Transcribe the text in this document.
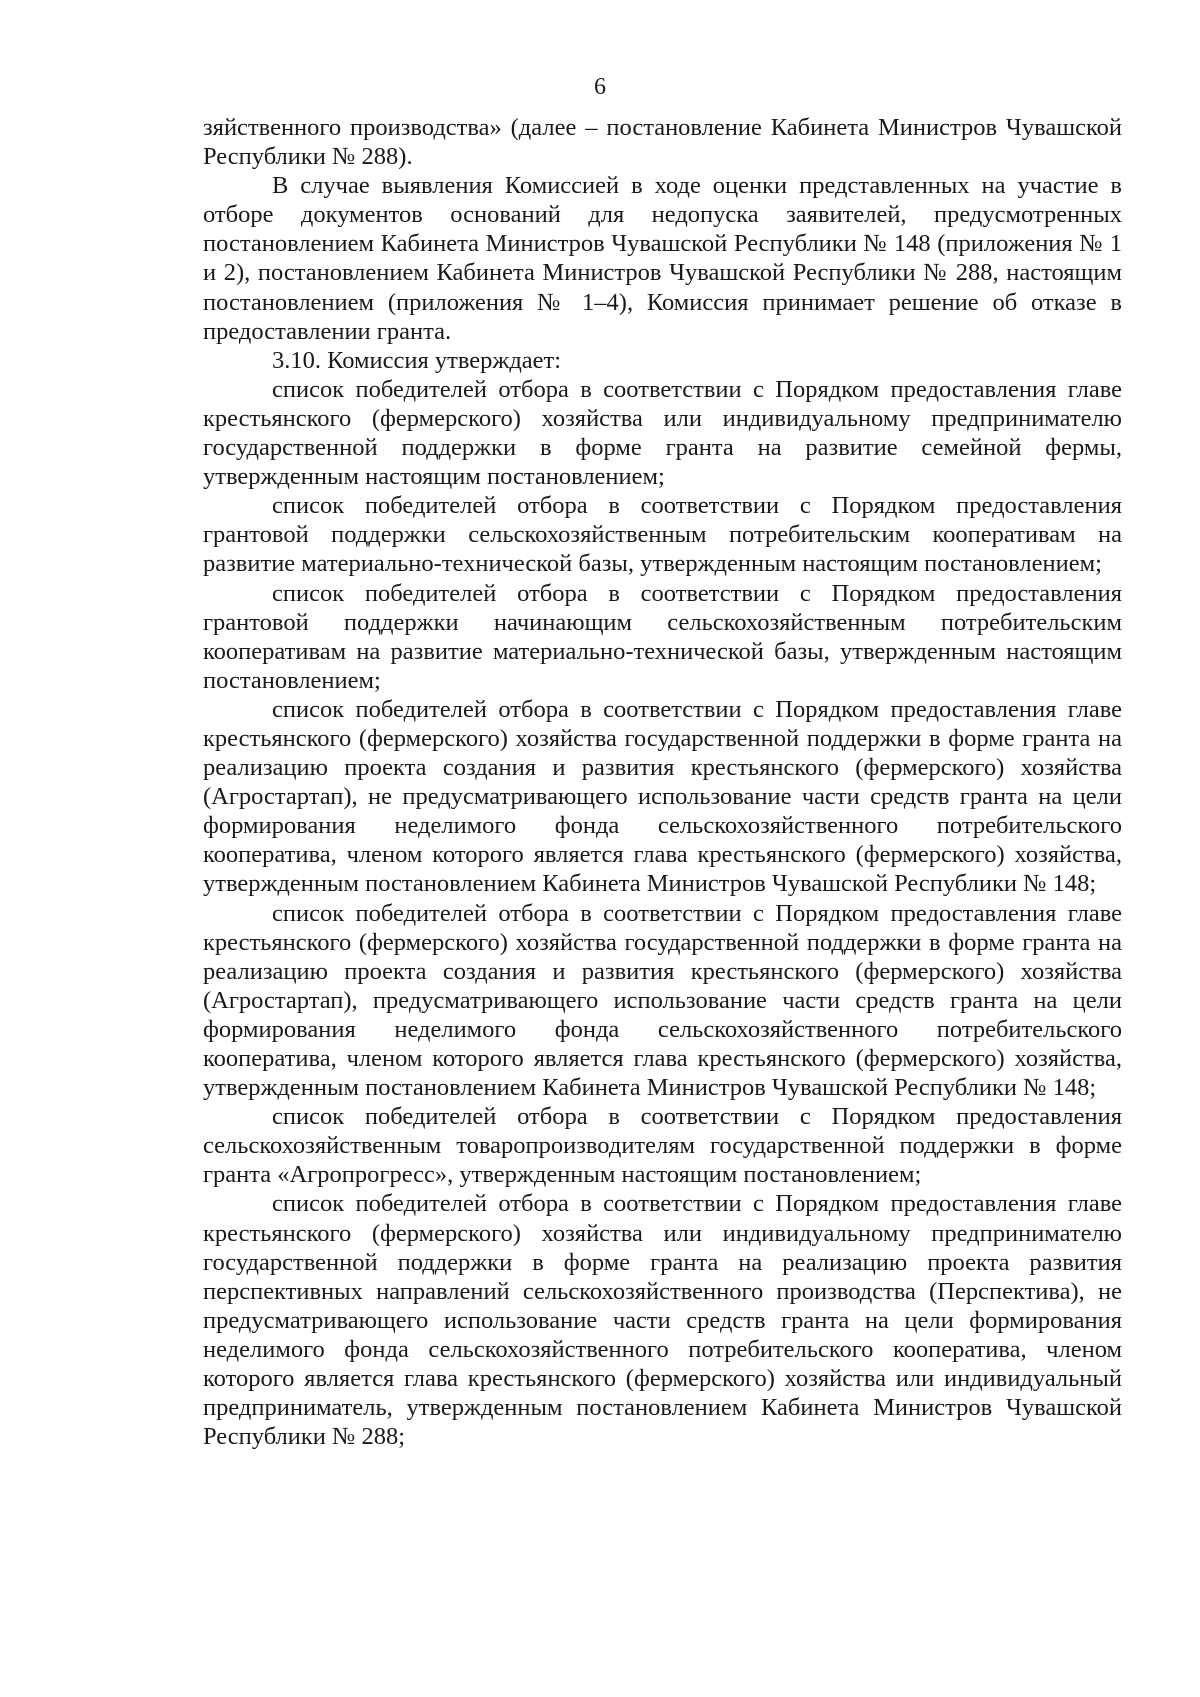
6

зяйственного производства» (далее – постановление Кабинета Министров Чувашской Республики № 288).

В случае выявления Комиссией в ходе оценки представленных на участие в отборе документов оснований для недопуска заявителей, предусмотренных постановлением Кабинета Министров Чувашской Республики № 148 (приложения № 1 и 2), постановлением Кабинета Министров Чувашской Республики № 288, настоящим постановлением (приложения № 1–4), Комиссия принимает решение об отказе в предоставлении гранта.

3.10. Комиссия утверждает:

список победителей отбора в соответствии с Порядком предоставления главе крестьянского (фермерского) хозяйства или индивидуальному предпринимателю государственной поддержки в форме гранта на развитие семейной фермы, утвержденным настоящим постановлением;

список победителей отбора в соответствии с Порядком предоставления грантовой поддержки сельскохозяйственным потребительским кооперативам на развитие материально-технической базы, утвержденным настоящим постановлением;

список победителей отбора в соответствии с Порядком предоставления грантовой поддержки начинающим сельскохозяйственным потребительским кооперативам на развитие материально-технической базы, утвержденным настоящим постановлением;

список победителей отбора в соответствии с Порядком предоставления главе крестьянского (фермерского) хозяйства государственной поддержки в форме гранта на реализацию проекта создания и развития крестьянского (фермерского) хозяйства (Агростартап), не предусматривающего использование части средств гранта на цели формирования неделимого фонда сельскохозяйственного потребительского кооператива, членом которого является глава крестьянского (фермерского) хозяйства, утвержденным постановлением Кабинета Министров Чувашской Республики № 148;

список победителей отбора в соответствии с Порядком предоставления главе крестьянского (фермерского) хозяйства государственной поддержки в форме гранта на реализацию проекта создания и развития крестьянского (фермерского) хозяйства (Агростартап), предусматривающего использование части средств гранта на цели формирования неделимого фонда сельскохозяйственного потребительского кооператива, членом которого является глава крестьянского (фермерского) хозяйства, утвержденным постановлением Кабинета Министров Чувашской Республики № 148;

список победителей отбора в соответствии с Порядком предоставления сельскохозяйственным товаропроизводителям государственной поддержки в форме гранта «Агропрогресс», утвержденным настоящим постановлением;

список победителей отбора в соответствии с Порядком предоставления главе крестьянского (фермерского) хозяйства или индивидуальному предпринимателю государственной поддержки в форме гранта на реализацию проекта развития перспективных направлений сельскохозяйственного производства (Перспектива), не предусматривающего использование части средств гранта на цели формирования неделимого фонда сельскохозяйственного потребительского кооператива, членом которого является глава крестьянского (фермерского) хозяйства или индивидуальный предприниматель, утвержденным постановлением Кабинета Министров Чувашской Республики № 288;
